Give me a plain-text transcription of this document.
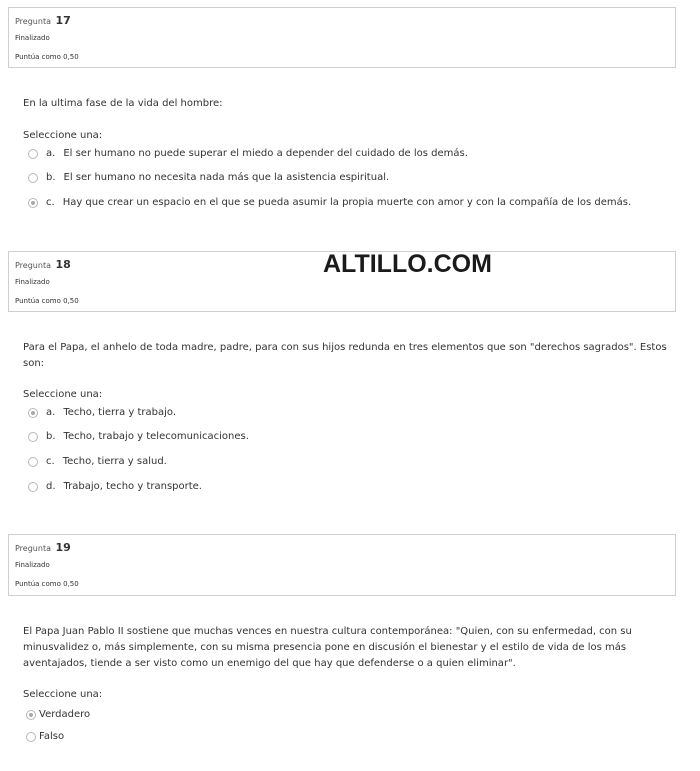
Pregunta 17
Finalizado
Puntúa como 0,50
En la ultima fase de la vida del hombre:
Seleccione una:
a. El ser humano no puede superar el miedo a depender del cuidado de los demás.
b. El ser humano no necesita nada más que la asistencia espiritual.
c. Hay que crear un espacio en el que se pueda asumir la propia muerte con amor y con la compañía de los demás.
Pregunta 18
Finalizado
Puntúa como 0,50
ALTILLO.COM
Para el Papa, el anhelo de toda madre, padre, para con sus hijos redunda en tres elementos que son "derechos sagrados". Estos son:
Seleccione una:
a. Techo, tierra y trabajo.
b. Techo, trabajo y telecomunicaciones.
c. Techo, tierra y salud.
d. Trabajo, techo y transporte.
Pregunta 19
Finalizado
Puntúa como 0,50
El Papa Juan Pablo II sostiene que muchas vences en nuestra cultura contemporánea: "Quien, con su enfermedad, con su minusvalidez o, más simplemente, con su misma presencia pone en discusión el bienestar y el estilo de vida de los más aventajados, tiende a ser visto como un enemigo del que hay que defenderse o a quien eliminar".
Seleccione una:
Verdadero
Falso
